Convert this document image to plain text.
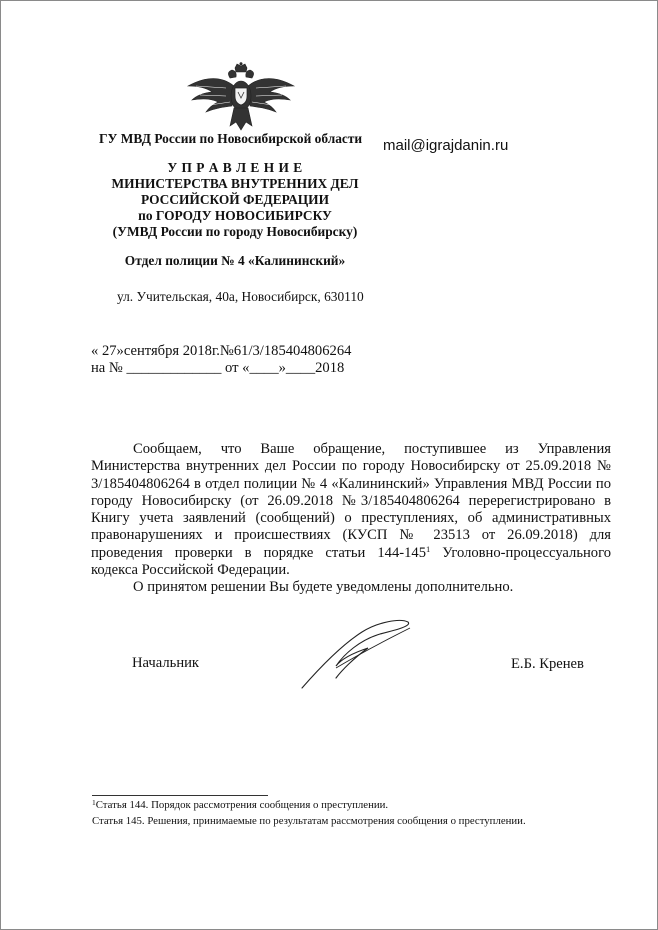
ГУ МВД России по Новосибирской области mail@igrajdanin.ru
У П Р А В Л Е Н И Е
МИНИСТЕРСТВА ВНУТРЕННИХ ДЕЛ
РОССИЙСКОЙ ФЕДЕРАЦИИ
по ГОРОДУ НОВОСИБИРСКУ
(УМВД России по городу Новосибирску)
Отдел полиции № 4 «Калининский»
ул. Учительская, 40а, Новосибирск, 630110
« 27»сентября 2018г.№61/3/185404806264
на № _____________ от «____»____2018

Сообщаем, что Ваше обращение, поступившее из Управления Министерства внутренних дел России по городу Новосибирску от 25.09.2018 № 3/185404806264 в отдел полиции № 4 «Калининский» Управления МВД России по городу Новосибирску (от 26.09.2018 №3/185404806264 перерегистрировано в Книгу учета заявлений (сообщений) о преступлениях, об административных правонарушениях и происшествиях (КУСП № 23513 от 26.09.2018) для проведения проверки в порядке статьи $144-145^1$ Уголовно-процессуального кодекса Российской Федерации.

О принятом решении Вы будете уведомлены дополнительно.

Начальник	Е.Б. Кренев
$^1$Статья 144. Порядок рассмотрения сообщения о преступлении.
Статья 145. Решения, принимаемые по результатам рассмотрения сообщения о преступлении.
